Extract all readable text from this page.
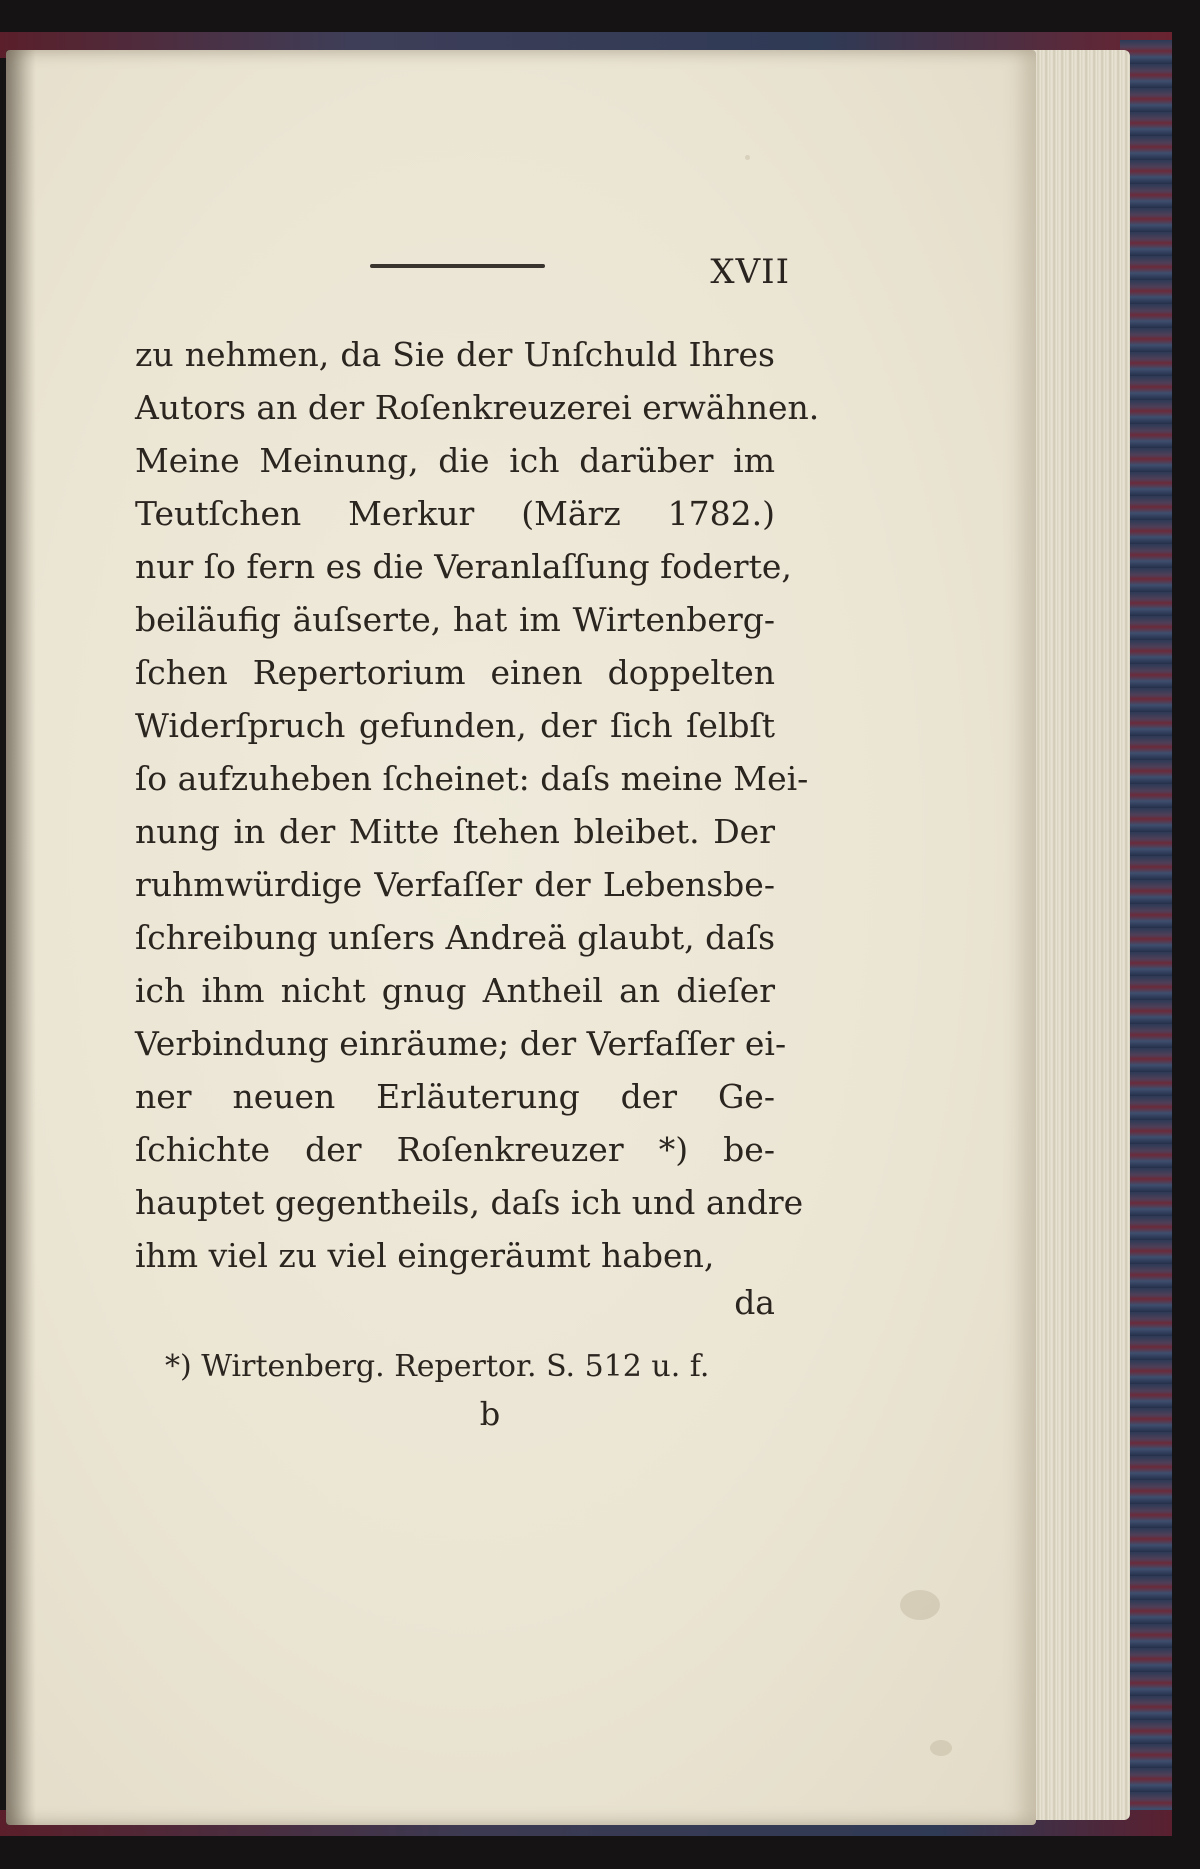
XVII
zu nehmen, da Sie der Unſchuld Ihres
Autors an der Roſenkreuzerei erwähnen.
Meine Meinung, die ich darüber im
Teutſchen Merkur (März 1782.)
nur ſo fern es die Veranlaſſung foderte,
beiläufig äuſserte, hat im Wirtenberg-
ſchen Repertorium einen doppelten
Widerſpruch gefunden, der ſich ſelbſt
ſo aufzuheben ſcheinet: daſs meine Mei-
nung in der Mitte ſtehen bleibet. Der
ruhmwürdige Verfaſſer der Lebensbe-
ſchreibung unſers Andreä glaubt, daſs
ich ihm nicht gnug Antheil an dieſer
Verbindung einräume; der Verfaſſer ei-
ner neuen Erläuterung der Ge-
ſchichte der Roſenkreuzer *) be-
hauptet gegentheils, daſs ich und andre
ihm viel zu viel eingeräumt haben,
da
*) Wirtenberg. Repertor. S. 512 u. f.
b
